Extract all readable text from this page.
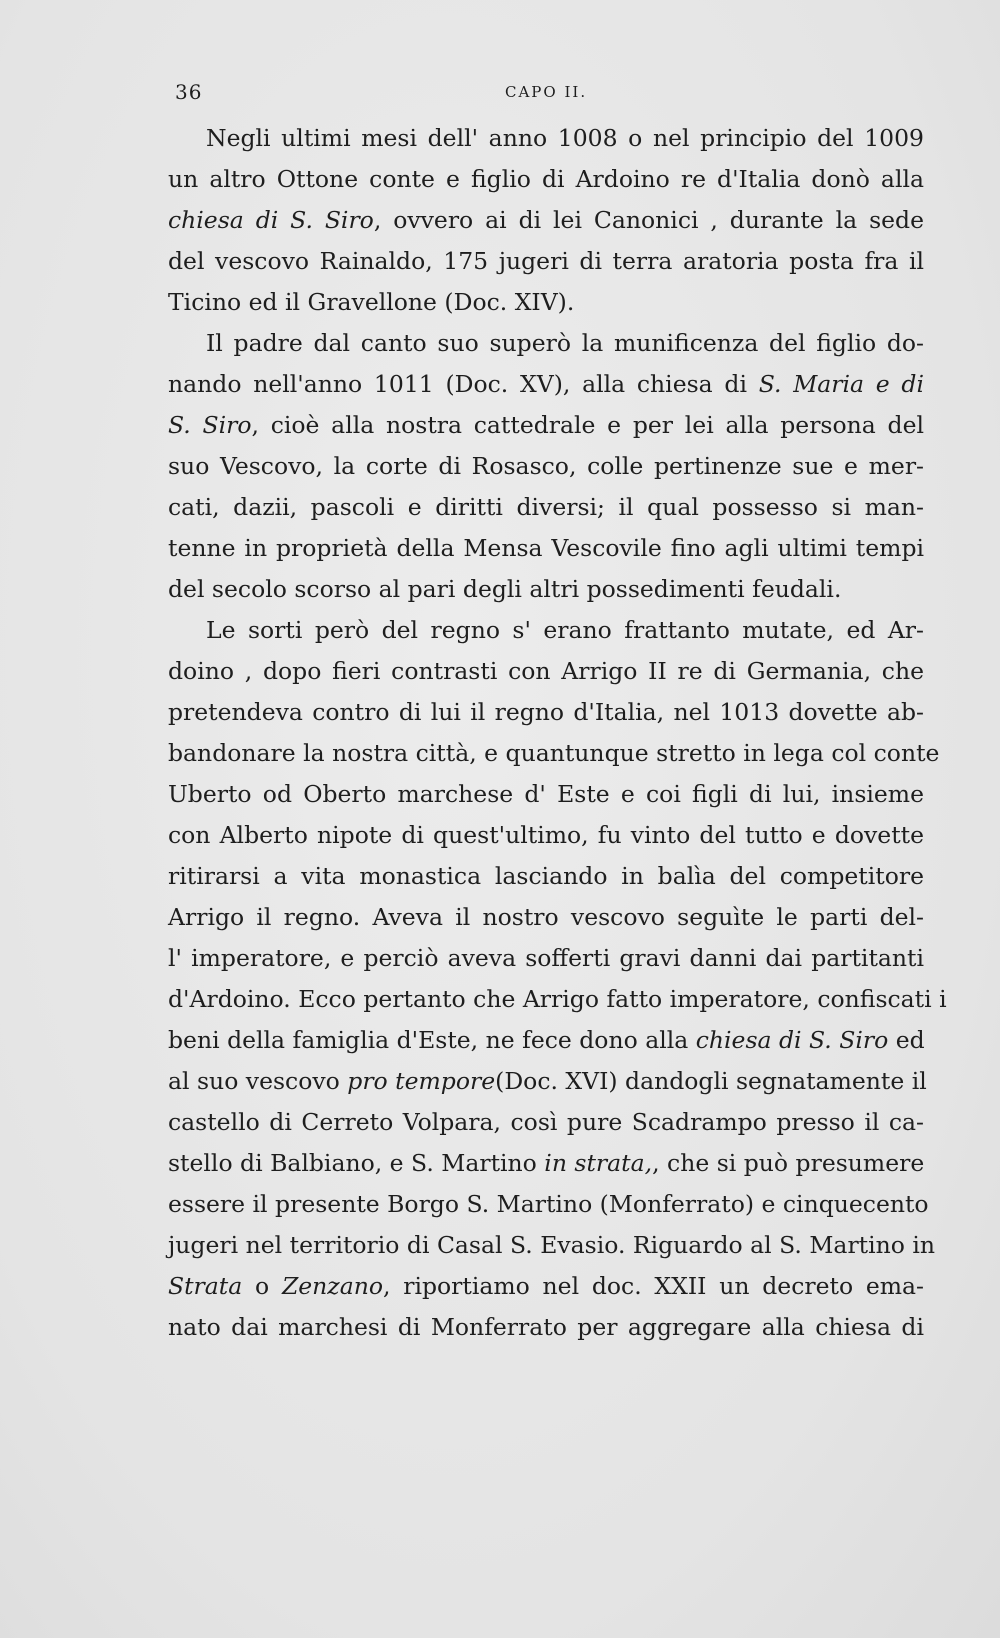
36	CAPO II.
Negli ultimi mesi dell' anno 1008 o nel principio del 1009
un altro Ottone conte e figlio di Ardoino re d'Italia donò alla
chiesa di S. Siro, ovvero ai di lei Canonici , durante la sede
del vescovo Rainaldo, 175 jugeri di terra aratoria posta fra il
Ticino ed il Gravellone (Doc. XIV).
Il padre dal canto suo superò la munificenza del figlio do-
nando nell'anno 1011 (Doc. XV), alla chiesa di S. Maria e di
S. Siro, cioè alla nostra cattedrale e per lei alla persona del
suo Vescovo, la corte di Rosasco, colle pertinenze sue e mer-
cati, dazii, pascoli e diritti diversi; il qual possesso si man-
tenne in proprietà della Mensa Vescovile fino agli ultimi tempi
del secolo scorso al pari degli altri possedimenti feudali.
Le sorti però del regno s' erano frattanto mutate, ed Ar-
doino , dopo fieri contrasti con Arrigo II re di Germania, che
pretendeva contro di lui il regno d'Italia, nel 1013 dovette ab-
bandonare la nostra città, e quantunque stretto in lega col conte
Uberto od Oberto marchese d' Este e coi figli di lui, insieme
con Alberto nipote di quest'ultimo, fu vinto del tutto e dovette
ritirarsi a vita monastica lasciando in balìa del competitore
Arrigo il regno. Aveva il nostro vescovo seguìte le parti del-
l' imperatore, e perciò aveva sofferti gravi danni dai partitanti
d'Ardoino. Ecco pertanto che Arrigo fatto imperatore, confiscati i
beni della famiglia d'Este, ne fece dono alla chiesa di S. Siro ed
al suo vescovo pro tempore(Doc. XVI) dandogli segnatamente il
castello di Cerreto Volpara, così pure Scadrampo presso il ca-
stello di Balbiano, e S. Martino in strata,, che si può presumere
essere il presente Borgo S. Martino (Monferrato) e cinquecento
jugeri nel territorio di Casal S. Evasio. Riguardo al S. Martino in
Strata o Zenzano, riportiamo nel doc. XXII un decreto ema-
nato dai marchesi di Monferrato per aggregare alla chiesa di
